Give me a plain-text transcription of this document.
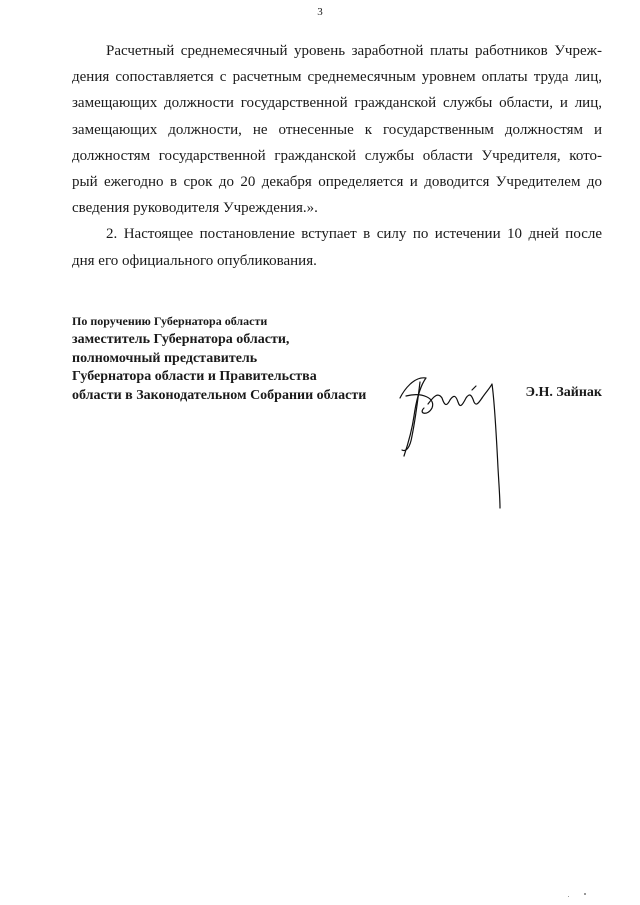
3
Расчетный среднемесячный уровень заработной платы работников Учреж-
дения сопоставляется с расчетным среднемесячным уровнем оплаты труда лиц,
замещающих должности государственной гражданской службы области, и лиц,
замещающих должности, не отнесенные к государственным должностям и
должностям государственной гражданской службы области Учредителя, кото-
рый ежегодно в срок до 20 декабря определяется и доводится Учредителем до
сведения руководителя Учреждения.».
2. Настоящее постановление вступает в силу по истечении 10 дней после
дня его официального опубликования.
По поручению Губернатора области
заместитель Губернатора области,
полномочный представитель
Губернатора области и Правительства
области в Законодательном Собрании области	Э.Н. Зайнак
